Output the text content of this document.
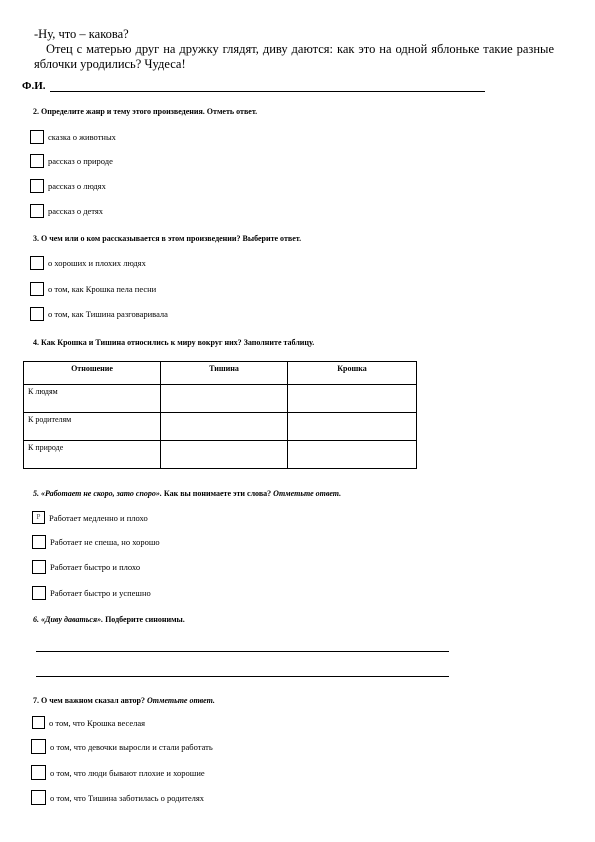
-Ну, что – какова?

Отец с матерью друг на дружку глядят, диву даются: как это на одной яблоньке такие разные яблочки уродились? Чудеса!

Ф.И.
2. Определите жанр и тему этого произведения. Отметь ответ.
сказка о животных
рассказ о природе
рассказ о людях
рассказ о детях
3. О чем или о ком рассказывается в этом произведении? Выберите ответ.
о хороших и плохих людях
о том, как Крошка пела песни
о том, как Тишина разговаривала
4. Как Крошка и Тишина относились к миру вокруг них? Заполните таблицу.
Отношение	Тишина	Крошка
К людям		
К родителям		
К природе		
5. «Работает не скоро, зато споро». Как вы понимаете эти слова? Отметьте ответ.
P	Работает медленно и плохо
Работает не спеша, но хорошо
Работает быстро и плохо
Работает быстро и успешно
6. «Диву даваться». Подберите синонимы.
7. О чем важном сказал автор? Отметьте ответ.
о том, что Крошка веселая
о том, что девочки выросли и стали работать
о том, что люди бывают плохие и хорошие
о том, что Тишина заботилась о родителях
